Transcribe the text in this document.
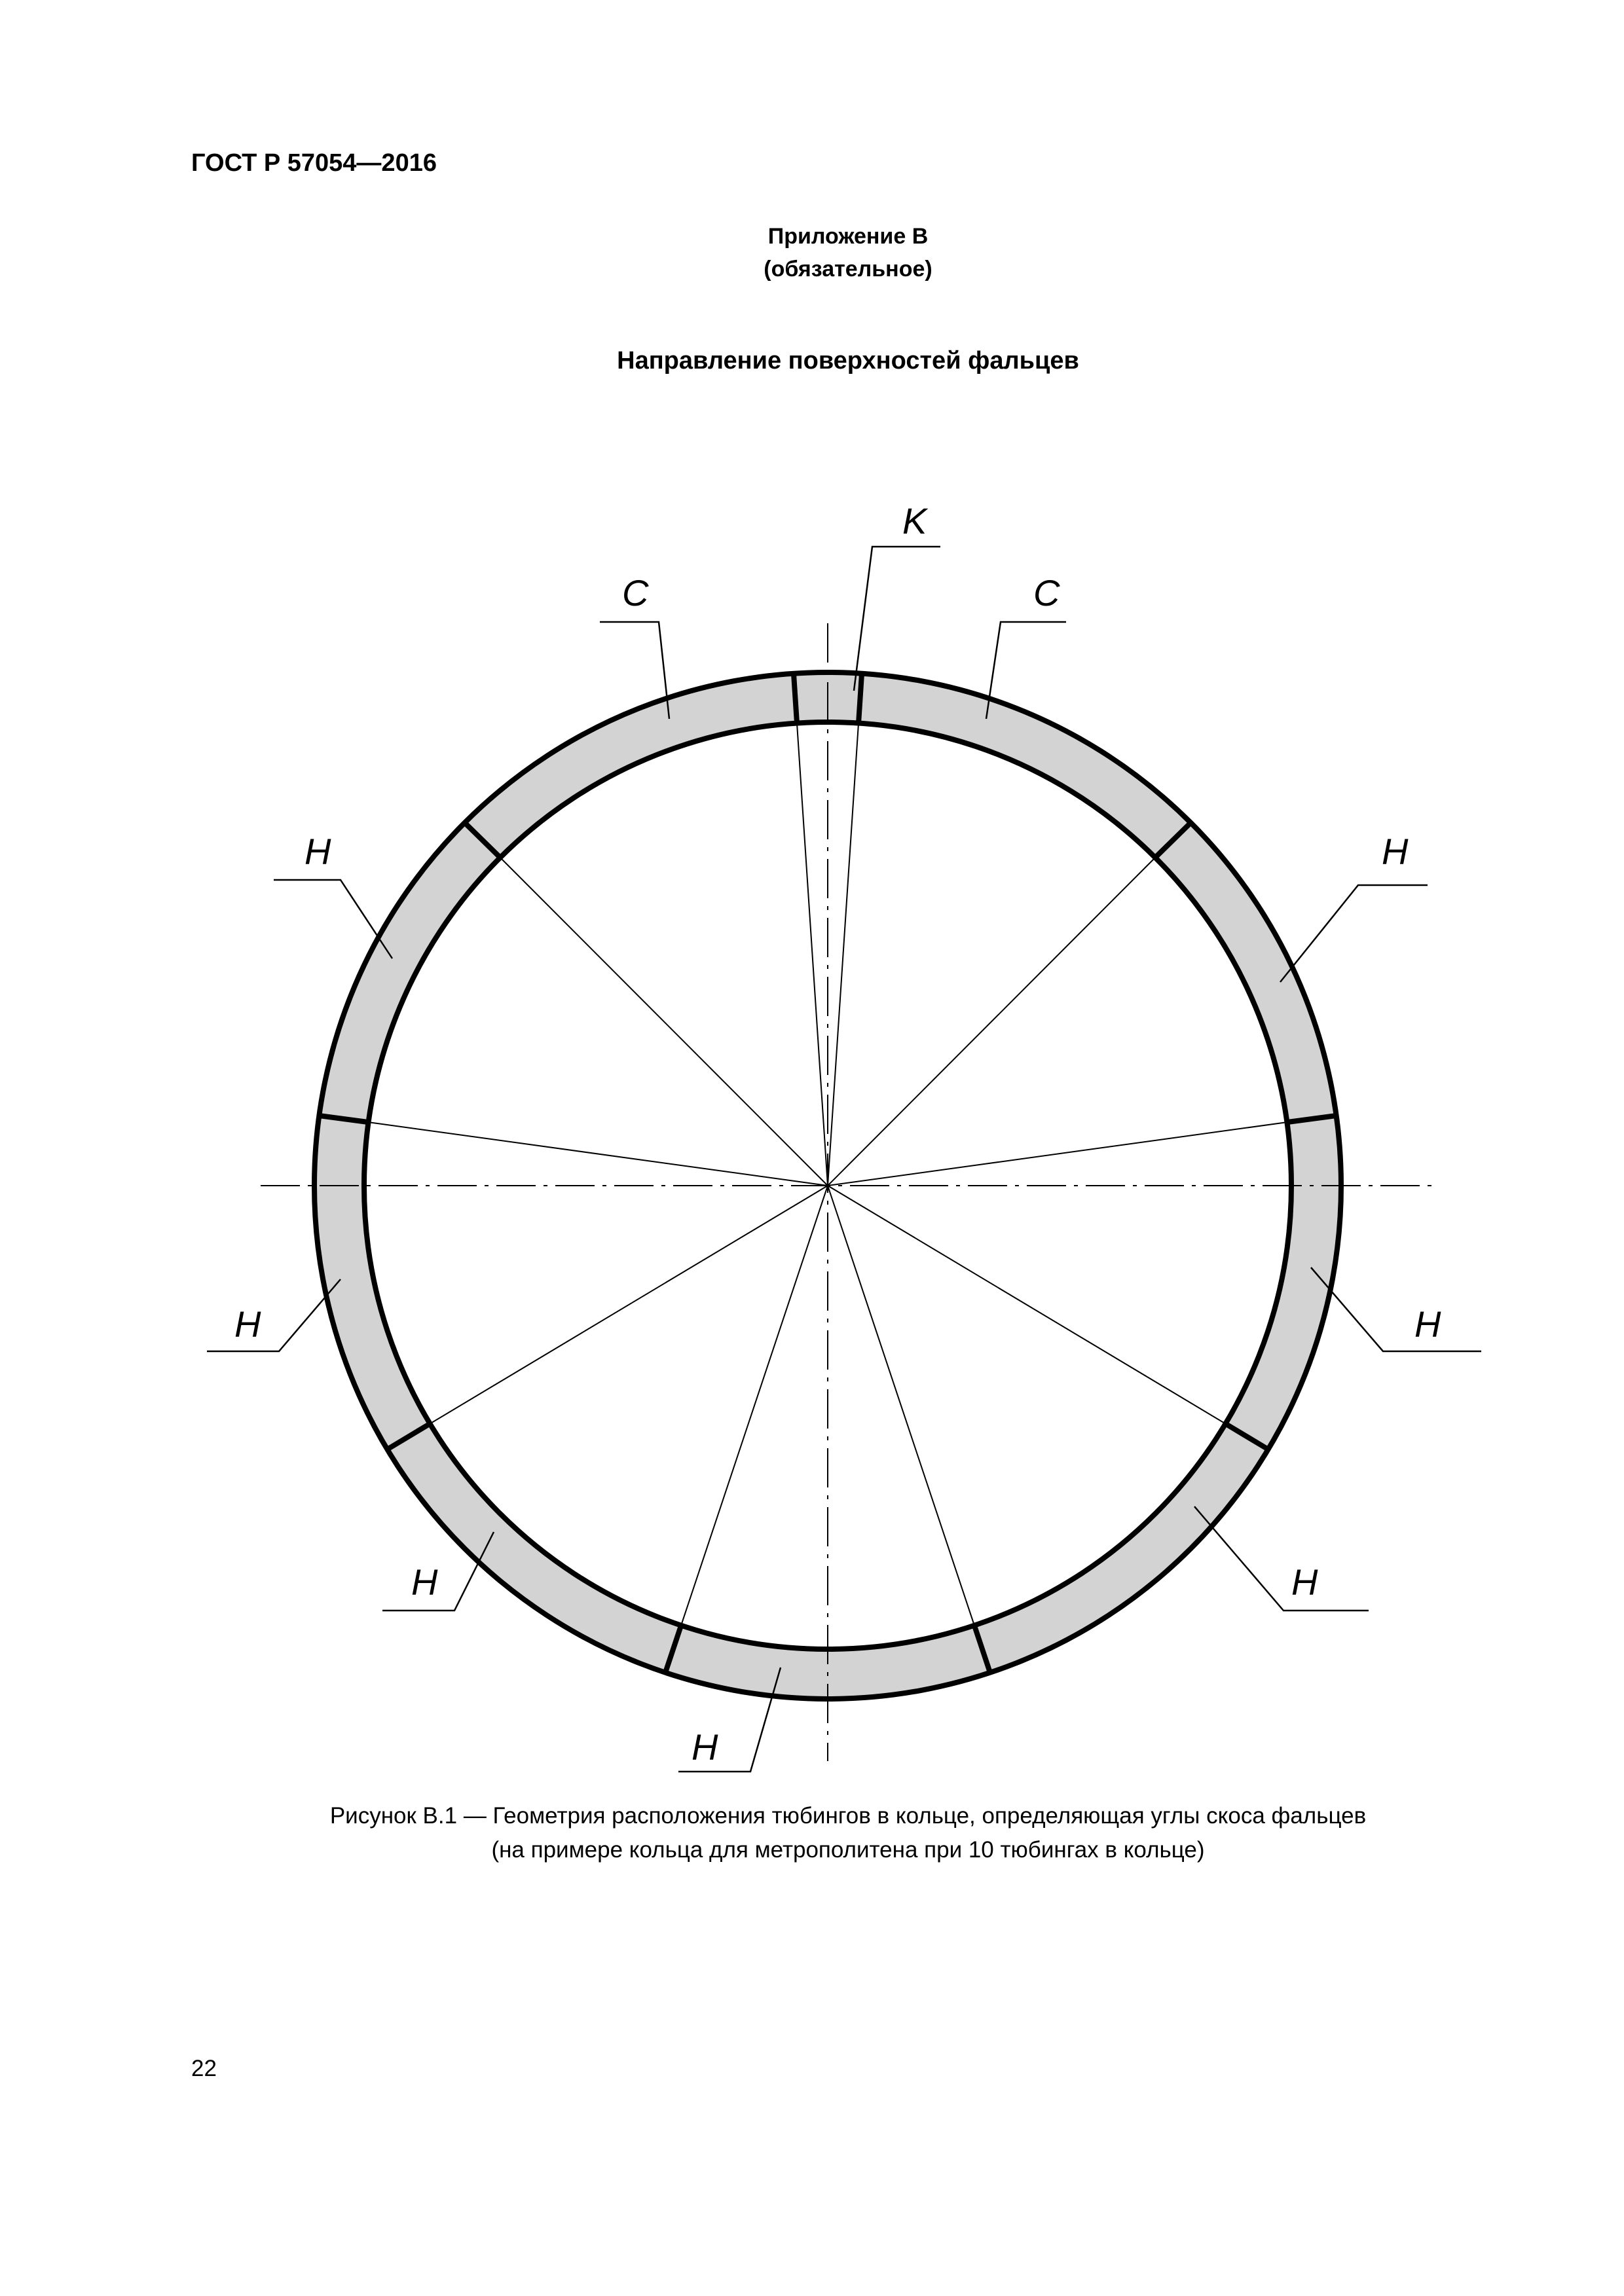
ГОСТ Р 57054—2016
Приложение В
(обязательное)
Направление поверхностей фальцев
K
C	C
H	H
H	H
H	H
H
Рисунок В.1 — Геометрия расположения тюбингов в кольце, определяющая углы скоса фальцев
(на примере кольца для метрополитена при 10 тюбингах в кольце)
22
